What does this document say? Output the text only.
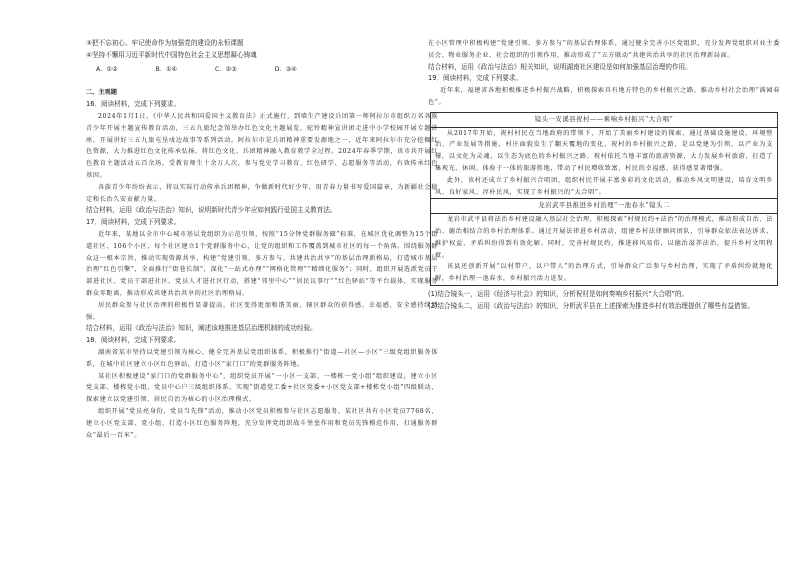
③把不忘初心、牢记使命作为加强党的建设的永恒课题

④坚持不懈用习近平新时代中国特色社会主义思想凝心铸魂

A．①②	B．①④	C．②③	D．③④

二、主观题

16．阅读材料，完成下列要求。

2024年1月1日，《中华人民共和国爱国主义教育法》正式施行，到墙生产建设兵团第一师阿拉尔市组织万名各族青少年开展主题宣传教育活动，三五九旅纪念馆举办红色文化主题展览，驼铃精神宣讲团走进中小学校园开展专题讲座，开展讲好三五九旅屯垦戍边故事等系列活动。阿拉尔市是兵团精神重要发源地之一，近年来阿拉尔市充分挖掘红色资源，大力推进红色文化传承弘扬，将红色文化、兵团精神融入教育教学全过程。2024年春季学期，该市共开展红色教育主题活动五百余场，受教育师生十余万人次，参与党史学习教育、红色研学、志愿服务等活动，有效传承红色基因。

各族青少年纷纷表示，将以实际行动传承兵团精神，争做新时代好少年，用青春力量书写爱国篇章，为新疆社会稳定和长治久安贡献力量。

结合材料，运用《政治与法治》知识，说明新时代青少年应如何践行爱国主义教育法。

17．阅读材料，完成下列要求。

近年来，某地以全市中心城市基层党组织为示范引领，按照“15分钟党群服务圈”标准，在城区优化调整为15个街道社区、106个小区，每个社区建立1个党群服务中心，让党的组织和工作覆盖到城市社区的每一个角落。围绕服务群众这一根本宗旨，推动实现资源共享，构建“党建引领、多方参与、共建共治共享”的基层治理新格局，打造城市基层治理“红色引擎”，全面推行“街巷长制”，深化“一站式办理”“网格化管理”“精细化服务”；同时，组织开展选派党员干部进社区、党员干部进社区、党员人才进社区行动，搭建“邻里中心”“居民议事厅”“红色驿站”等平台载体，实现服务群众零距离，推动形成共建共治共享的社区治理格局。

居民群众参与社区治理的积极性显著提高，社区变得更加和谐美丽，辖区群众的获得感、幸福感、安全感持续增强。

结合材料，运用《政治与法治》知识，阐述该地推进基层治理机制的成功经验。

18．阅读材料，完成下列要求。

湖南省某市坚持以党建引领为核心，健全完善基层党组织体系，积极推行“街道—社区—小区”三级党组织服务体系，在城中社区建立小区红色驿站，打造小区“家门口”的党群服务阵地。

某社区积极建设“家门口的党群服务中心”，组织党员开展“一小区一支部、一楼栋一党小组”组织建设，建立小区党支部、楼栋党小组、党员中心户三级组织体系。实现“街道党工委+社区党委+小区党支部+楼栋党小组”四级联动，探索建立以党建引领、居民自治为核心的小区治理模式。

组织开展“党员亮身份、党员当先锋”活动，推动小区党员积极参与社区志愿服务，某社区共有小区党员7768名，建立小区党支部、党小组，打造小区红色服务阵地，充分发挥党组织战斗堡垒作用和党员先锋模范作用，打通服务群众“最后一百米”。

在小区管理中积极构建“党建引领、多方参与”的基层治理体系，通过健全完善小区党组织，充分发挥党组织对业主委员会、物业服务企业、社会组织的引领作用，推动形成了“五方联动”共建共治共享的社区治理新局面。

结合材料，运用《政治与法治》相关知识，说明湖南社区建设是如何加强基层治理的作用。

19．阅读材料，完成下列要求。

近年来，福建省各地积极推进乡村振兴战略，积极探索具有地方特色的乡村振兴之路，推动乡村社会治理“满园春色”。

镜头一安溪县祝村——乘响乡村振兴“大合唱”

从2017年开始，祝村村民在当地政府的带领下，开始了美丽乡村建设的探索，通过基础设施建设、环境整治、产业发展等措施，村庄面貌发生了翻天覆地的变化，祝村的乡村振兴之路，是以党建为引领，以产业为支撑，以文化为灵魂，以生态为底色的乡村振兴之路。祝村依托当地丰富的旅游资源，大力发展乡村旅游，打造了集观光、休闲、体验于一体的旅游胜地，带动了村民增收致富，村民的幸福感、获得感显著增强。

此外，该村还成立了乡村振兴合唱团，组织村民开展丰富多彩的文化活动，推动乡风文明建设，培育文明乡风、良好家风、淳朴民风，实现了乡村振兴的“大合唱”。

龙岩武平县推进乡村治理“一池春水”镜头二

龙岩市武平县将法治乡村建设融入基层社会治理，积极探索“村规民约+法治”的治理模式，推动形成自治、法治、德治相结合的乡村治理体系。通过开展法律进乡村活动，组建乡村法律顾问团队，引导群众依法表达诉求、维护权益，矛盾纠纷得到有效化解。同时，完善村规民约，推进移风易俗，以德治滋养法治，提升乡村文明程度。

该县还创新开展“以村带户、以户带人”的治理方式，引导群众广泛参与乡村治理，实现了矛盾纠纷就地化解，乡村治理一池春水，乡村振兴活力迸发。

(1)结合镜头一，运用《经济与社会》的知识，分析祝村是如何奏响乡村振兴“大合唱”的。

(2)结合镜头二，运用《政治与法治》的知识，分析武平县在上述探索为推进乡村有效治理提供了哪些有益借鉴。
